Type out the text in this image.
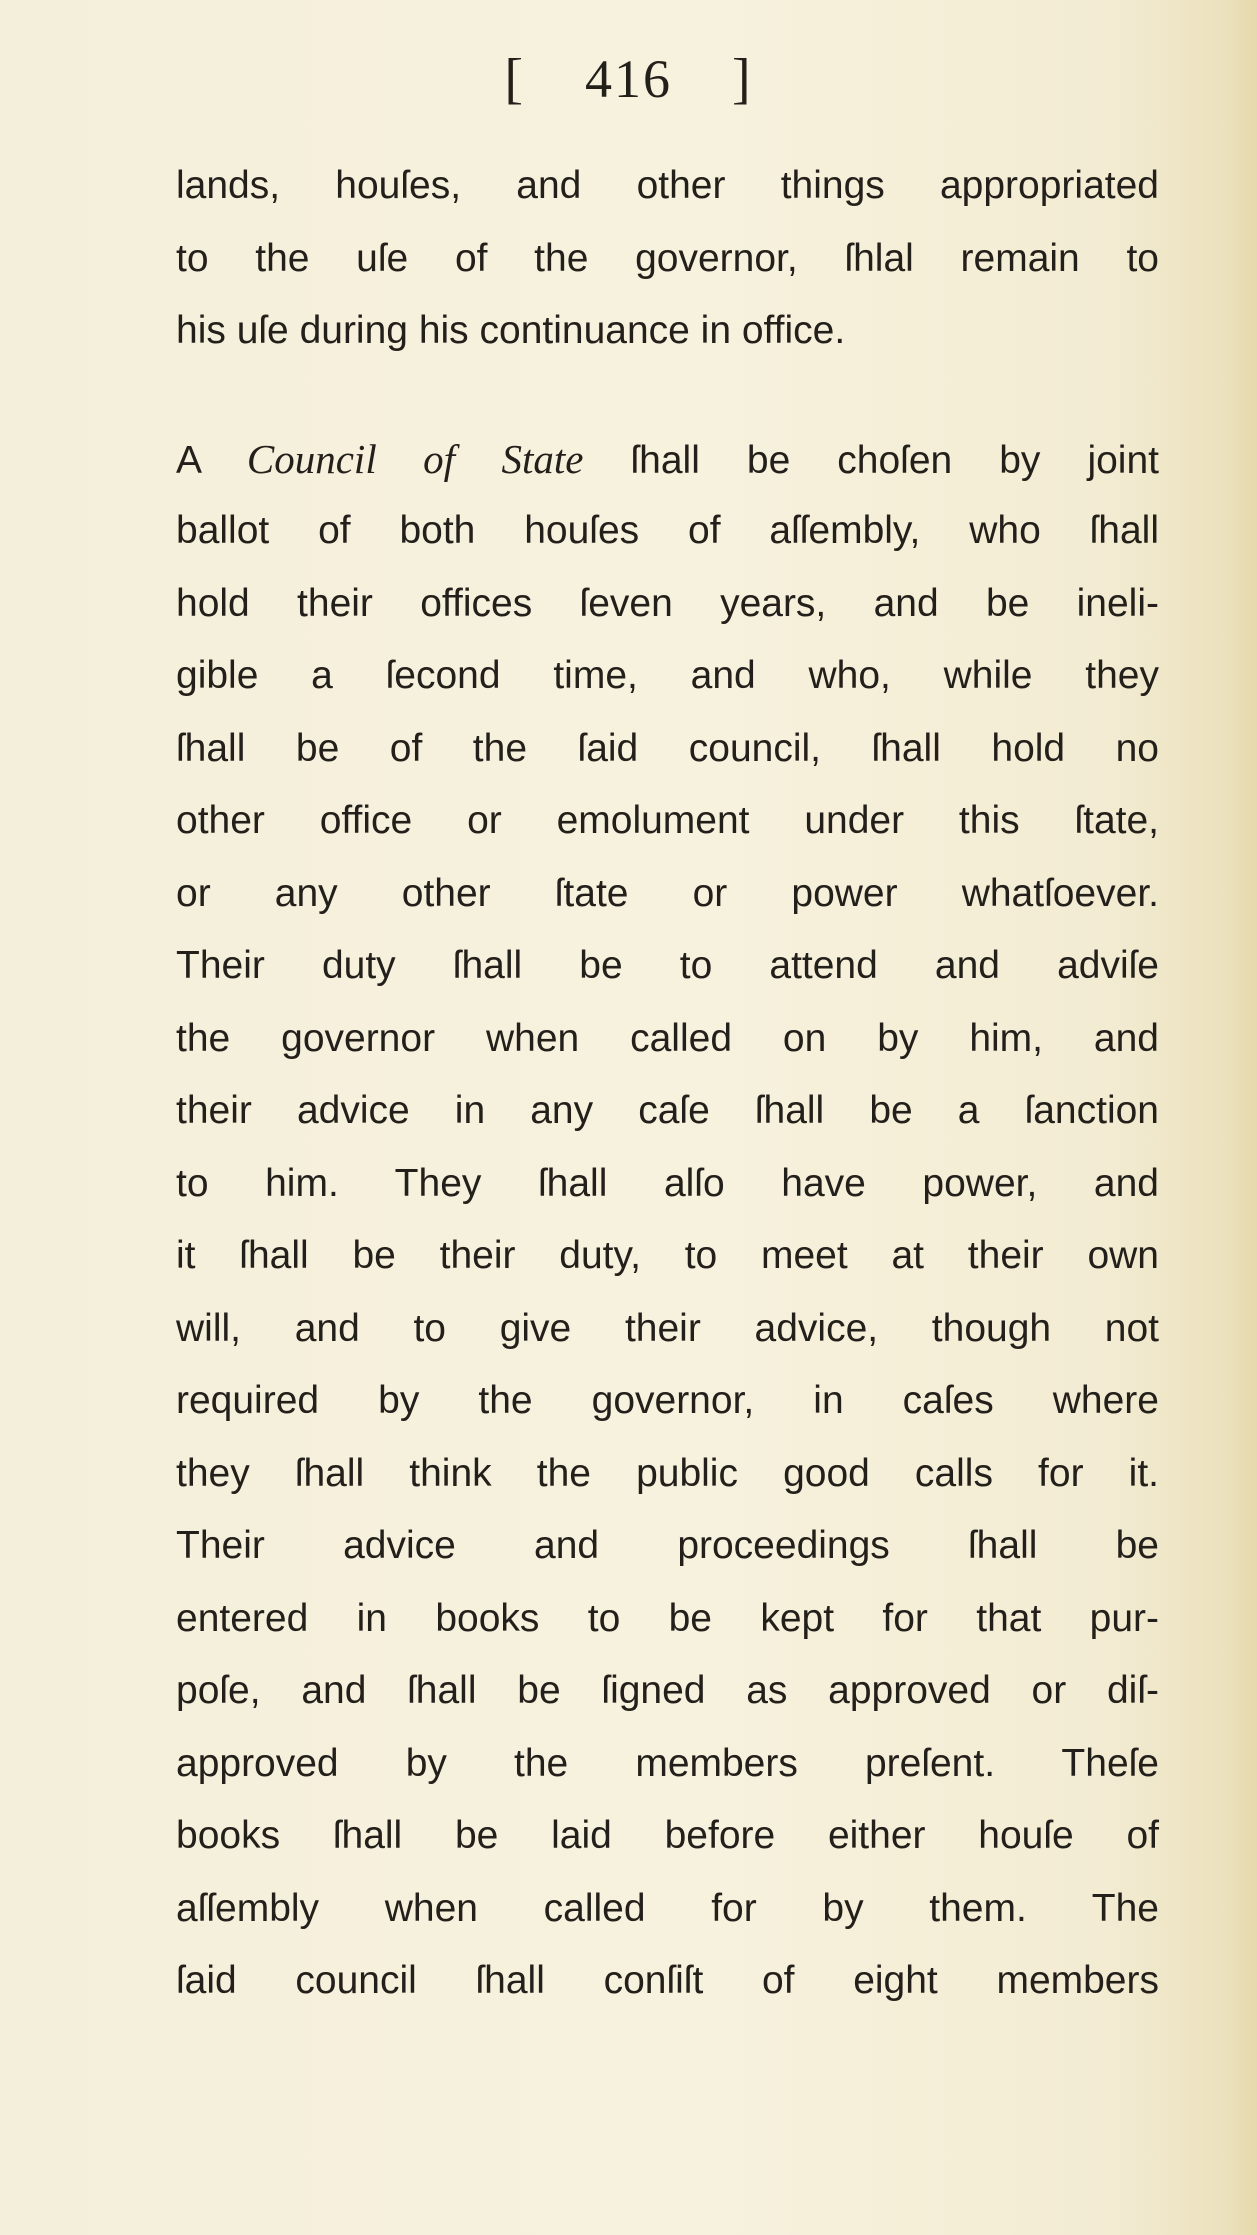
[ 416 ]
lands, houſes, and other things appropriated
to the uſe of the governor, ſhlal remain to
his uſe during his continuance in office.
A Council of State ſhall be choſen by joint
ballot of both houſes of aſſembly, who ſhall
hold their offices ſeven years, and be ineli-
gible a ſecond time, and who, while they
ſhall be of the ſaid council, ſhall hold no
other office or emolument under this ſtate,
or any other ſtate or power whatſoever.
Their duty ſhall be to attend and adviſe
the governor when called on by him, and
their advice in any caſe ſhall be a ſanction
to him. They ſhall alſo have power, and
it ſhall be their duty, to meet at their own
will, and to give their advice, though not
required by the governor, in caſes where
they ſhall think the public good calls for it.
Their advice and proceedings ſhall be
entered in books to be kept for that pur-
poſe, and ſhall be ſigned as approved or diſ-
approved by the members preſent. Theſe
books ſhall be laid before either houſe of
aſſembly when called for by them. The
ſaid council ſhall conſiſt of eight members
